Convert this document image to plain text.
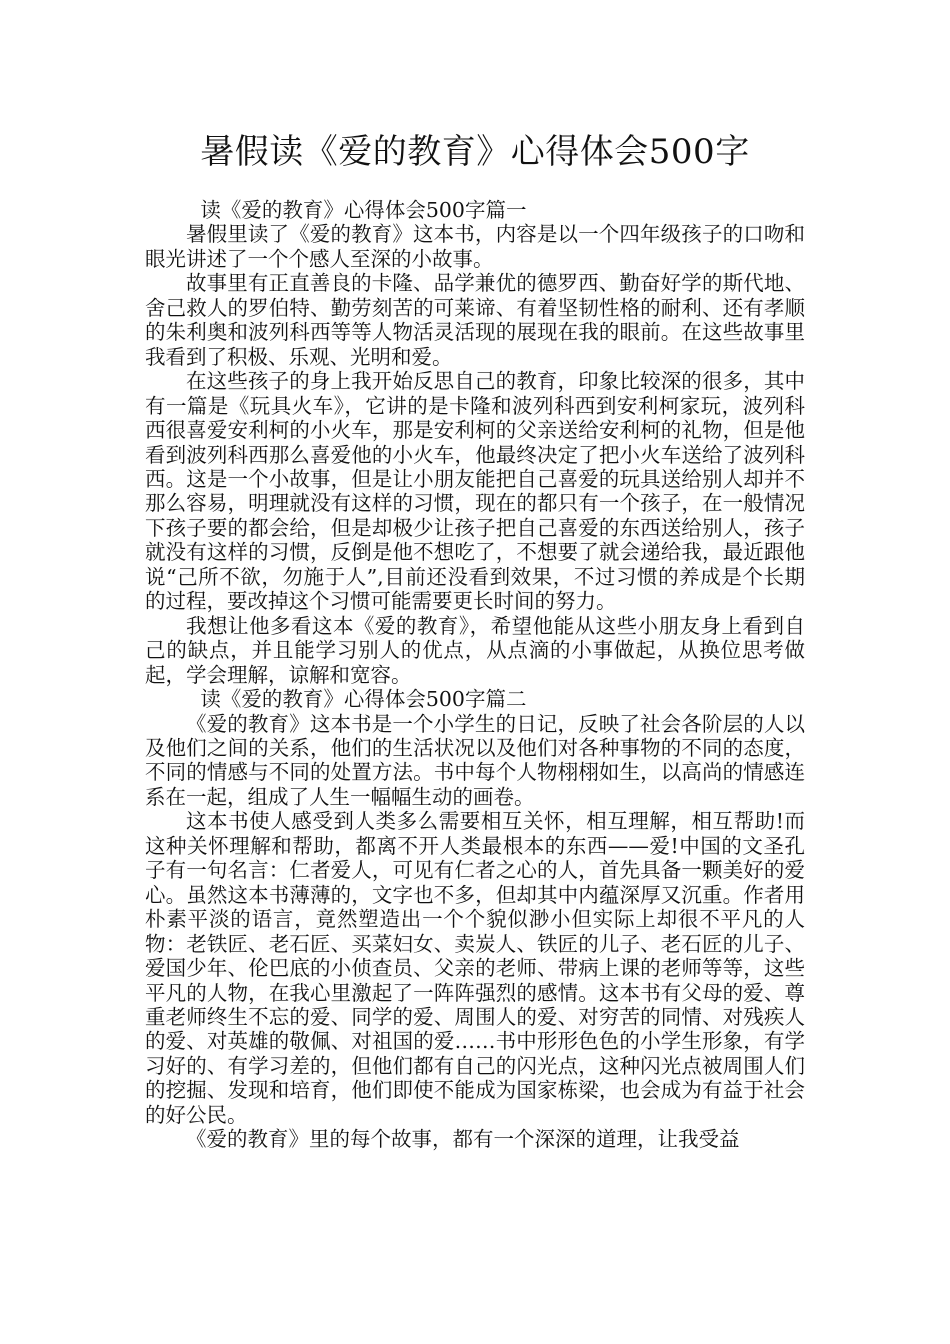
暑假读《爱的教育》心得体会500字

读《爱的教育》心得体会500字篇一

暑假里读了《爱的教育》这本书，内容是以一个四年级孩子的口吻和眼光讲述了一个个感人至深的小故事。

故事里有正直善良的卡隆、品学兼优的德罗西、勤奋好学的斯代地、舍己救人的罗伯特、勤劳刻苦的可莱谛、有着坚韧性格的耐利、还有孝顺的朱利奥和波列科西等等人物活灵活现的展现在我的眼前。在这些故事里我看到了积极、乐观、光明和爱。

在这些孩子的身上我开始反思自己的教育，印象比较深的很多，其中有一篇是《玩具火车》，它讲的是卡隆和波列科西到安利柯家玩，波列科西很喜爱安利柯的小火车，那是安利柯的父亲送给安利柯的礼物，但是他看到波列科西那么喜爱他的小火车，他最终决定了把小火车送给了波列科西。这是一个小故事，但是让小朋友能把自己喜爱的玩具送给别人却并不那么容易，明理就没有这样的习惯，现在的都只有一个孩子，在一般情况下孩子要的都会给，但是却极少让孩子把自己喜爱的东西送给别人，孩子就没有这样的习惯，反倒是他不想吃了，不想要了就会递给我，最近跟他说“己所不欲，勿施于人”,目前还没看到效果，不过习惯的养成是个长期的过程，要改掉这个习惯可能需要更长时间的努力。

我想让他多看这本《爱的教育》，希望他能从这些小朋友身上看到自己的缺点，并且能学习别人的优点，从点滴的小事做起，从换位思考做起，学会理解，谅解和宽容。

读《爱的教育》心得体会500字篇二

《爱的教育》这本书是一个小学生的日记，反映了社会各阶层的人以及他们之间的关系，他们的生活状况以及他们对各种事物的不同的态度，不同的情感与不同的处置方法。书中每个人物栩栩如生，以高尚的情感连系在一起，组成了人生一幅幅生动的画卷。

这本书使人感受到人类多么需要相互关怀，相互理解，相互帮助!而这种关怀理解和帮助，都离不开人类最根本的东西——爱!中国的文圣孔子有一句名言：仁者爱人，可见有仁者之心的人，首先具备一颗美好的爱心。虽然这本书薄薄的，文字也不多，但却其中内蕴深厚又沉重。作者用朴素平淡的语言，竟然塑造出一个个貌似渺小但实际上却很不平凡的人物：老铁匠、老石匠、买菜妇女、卖炭人、铁匠的儿子、老石匠的儿子、爱国少年、伦巴底的小侦查员、父亲的老师、带病上课的老师等等，这些平凡的人物，在我心里激起了一阵阵强烈的感情。这本书有父母的爱、尊重老师终生不忘的爱、同学的爱、周围人的爱、对穷苦的同情、对残疾人的爱、对英雄的敬佩、对祖国的爱……书中形形色色的小学生形象，有学习好的、有学习差的，但他们都有自己的闪光点，这种闪光点被周围人们的挖掘、发现和培育，他们即使不能成为国家栋梁，也会成为有益于社会的好公民。

《爱的教育》里的每个故事，都有一个深深的道理，让我受益
